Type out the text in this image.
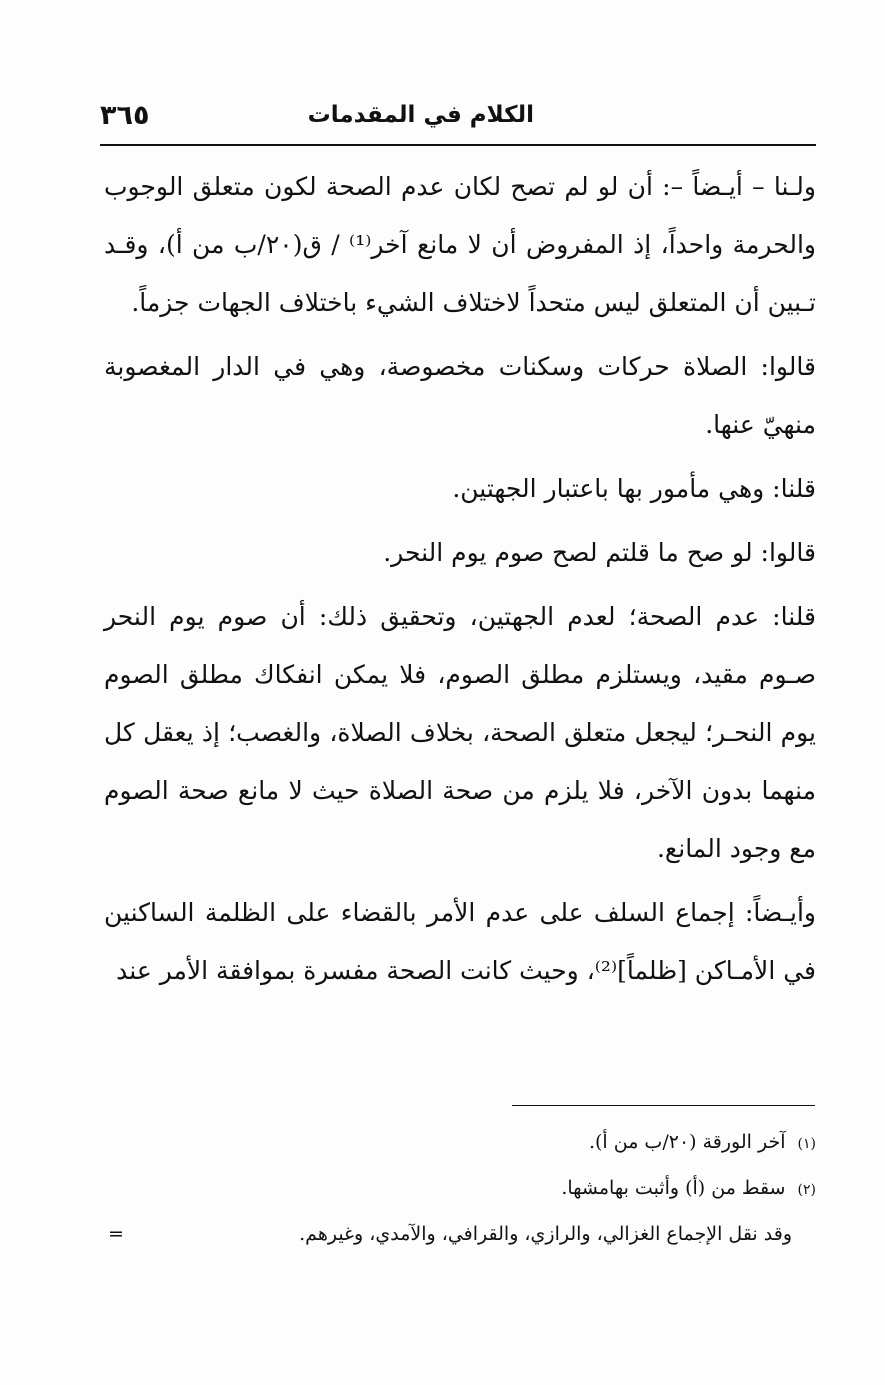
٣٦٥	الكلام في المقدمات

ولـنا – أيـضاً –: أن لو لم تصح لكان عدم الصحة لكون متعلق الوجوب والحرمة واحداً، إذ المفروض أن لا مانع آخر⁽¹⁾ / ق(٢٠/ب من أ)، وقـد تـبين أن المتعلق ليس متحداً لاختلاف الشيء باختلاف الجهات جزماً.

قالوا: الصلاة حركات وسكنات مخصوصة، وهي في الدار المغصوبة منهيّ عنها.

قلنا: وهي مأمور بها باعتبار الجهتين.

قالوا: لو صح ما قلتم لصح صوم يوم النحر.

قلنا: عدم الصحة؛ لعدم الجهتين، وتحقيق ذلك: أن صوم يوم النحر صـوم مقيد، ويستلزم مطلق الصوم، فلا يمكن انفكاك مطلق الصوم يوم النحـر؛ ليجعل متعلق الصحة، بخلاف الصلاة، والغصب؛ إذ يعقل كل منهما بدون الآخر، فلا يلزم من صحة الصلاة حيث لا مانع صحة الصوم مع وجود المانع.

وأيـضاً: إجماع السلف على عدم الأمر بالقضاء على الظلمة الساكنين في الأمـاكن [ظلماً]⁽²⁾، وحيث كانت الصحة مفسرة بموافقة الأمر عند

(١) آخر الورقة (٢٠/ب من أ).
(٢) سقط من (أ) وأثبت بهامشها.
وقد نقل الإجماع الغزالي، والرازي، والقرافي، والآمدي، وغيرهم.
=
